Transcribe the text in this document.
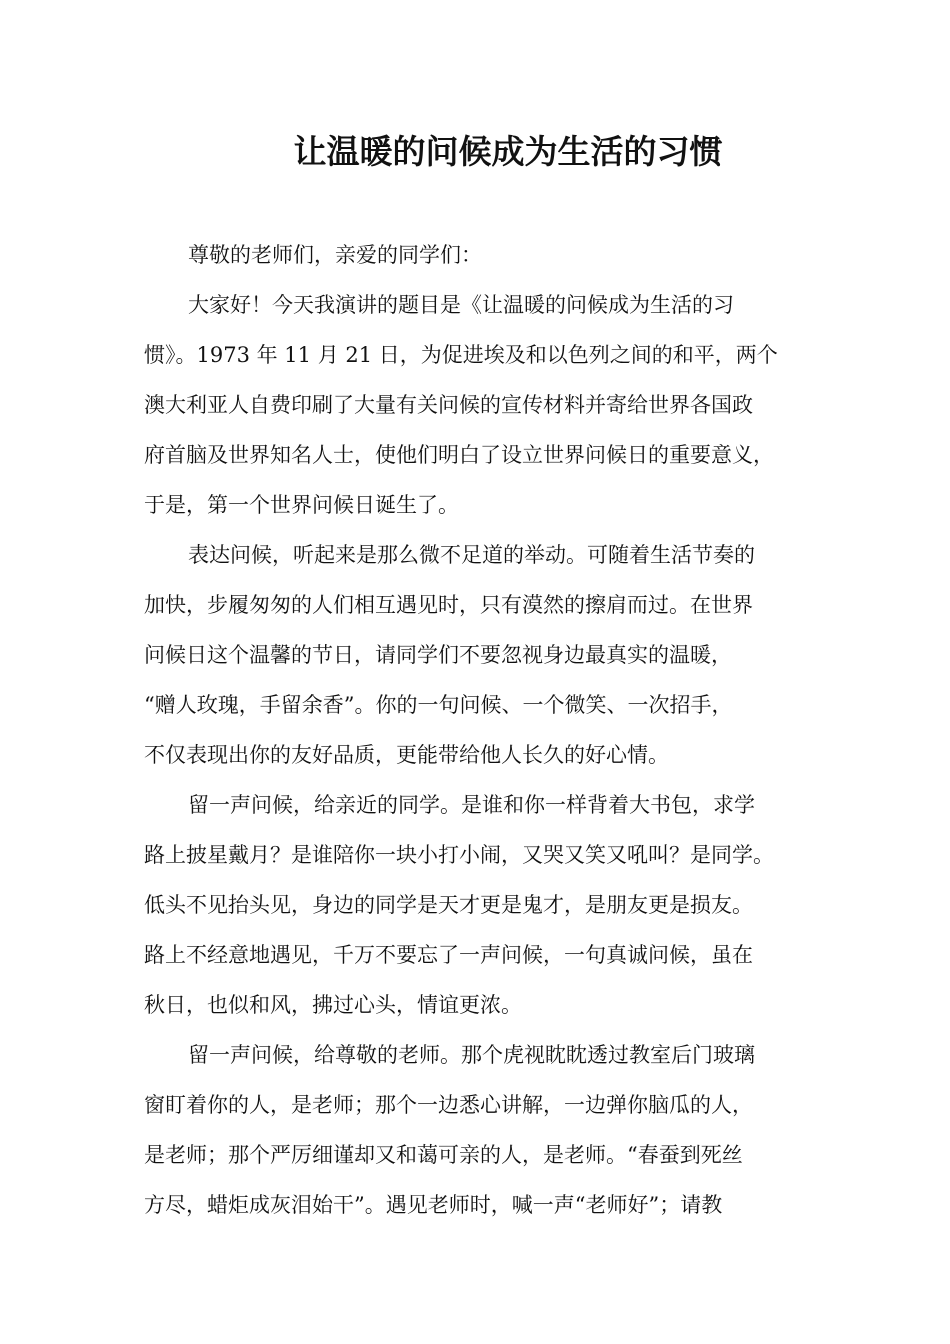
让温暖的问候成为生活的习惯

尊敬的老师们，亲爱的同学们：

大家好！今天我演讲的题目是《让温暖的问候成为生活的习

惯》。1973 年 11 月 21 日，为促进埃及和以色列之间的和平，两个

澳大利亚人自费印刷了大量有关问候的宣传材料并寄给世界各国政

府首脑及世界知名人士，使他们明白了设立世界问候日的重要意义，

于是，第一个世界问候日诞生了。

表达问候，听起来是那么微不足道的举动。可随着生活节奏的

加快，步履匆匆的人们相互遇见时，只有漠然的擦肩而过。在世界

问候日这个温馨的节日，请同学们不要忽视身边最真实的温暖，

“赠人玫瑰，手留余香”。你的一句问候、一个微笑、一次招手，

不仅表现出你的友好品质，更能带给他人长久的好心情。

留一声问候，给亲近的同学。是谁和你一样背着大书包，求学

路上披星戴月？是谁陪你一块小打小闹，又哭又笑又吼叫？是同学。

低头不见抬头见，身边的同学是天才更是鬼才，是朋友更是损友。

路上不经意地遇见，千万不要忘了一声问候，一句真诚问候，虽在

秋日，也似和风，拂过心头，情谊更浓。

留一声问候，给尊敬的老师。那个虎视眈眈透过教室后门玻璃

窗盯着你的人，是老师；那个一边悉心讲解，一边弹你脑瓜的人，

是老师；那个严厉细谨却又和蔼可亲的人，是老师。“春蚕到死丝

方尽，蜡炬成灰泪始干”。遇见老师时，喊一声“老师好”；请教
